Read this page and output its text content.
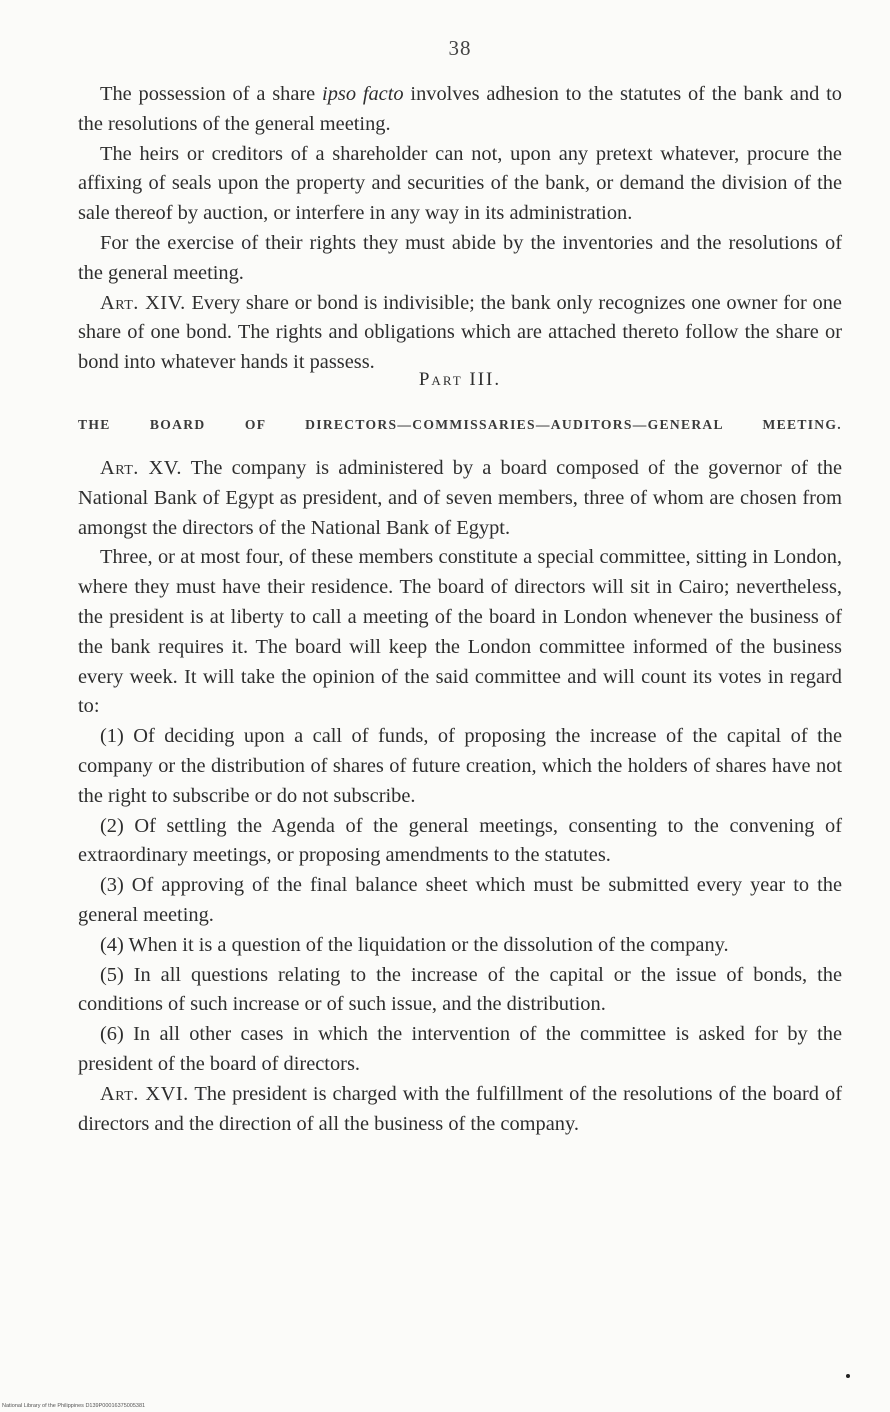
38

The possession of a share ipso facto involves adhesion to the statutes of the bank and to the resolutions of the general meeting.

The heirs or creditors of a shareholder can not, upon any pretext whatever, procure the affixing of seals upon the property and securities of the bank, or demand the division of the sale thereof by auction, or interfere in any way in its administration.

For the exercise of their rights they must abide by the inventories and the resolutions of the general meeting.

Art. XIV. Every share or bond is indivisible; the bank only recognizes one owner for one share of one bond. The rights and obligations which are attached thereto follow the share or bond into whatever hands it passess.

Part III.
THE BOARD OF DIRECTORS—COMMISSARIES—AUDITORS—GENERAL MEETING.

Art. XV. The company is administered by a board composed of the governor of the National Bank of Egypt as president, and of seven members, three of whom are chosen from amongst the directors of the National Bank of Egypt.

Three, or at most four, of these members constitute a special committee, sitting in London, where they must have their residence. The board of directors will sit in Cairo; nevertheless, the president is at liberty to call a meeting of the board in London whenever the business of the bank requires it. The board will keep the London committee informed of the business every week. It will take the opinion of the said committee and will count its votes in regard to:

(1) Of deciding upon a call of funds, of proposing the increase of the capital of the company or the distribution of shares of future creation, which the holders of shares have not the right to subscribe or do not subscribe.

(2) Of settling the Agenda of the general meetings, consenting to the convening of extraordinary meetings, or proposing amendments to the statutes.

(3) Of approving of the final balance sheet which must be submitted every year to the general meeting.

(4) When it is a question of the liquidation or the dissolution of the company.

(5) In all questions relating to the increase of the capital or the issue of bonds, the conditions of such increase or of such issue, and the distribution.

(6) In all other cases in which the intervention of the committee is asked for by the president of the board of directors.

Art. XVI. The president is charged with the fulfillment of the resolutions of the board of directors and the direction of all the business of the company.

National Library of the Philippines D139P00016375005381
